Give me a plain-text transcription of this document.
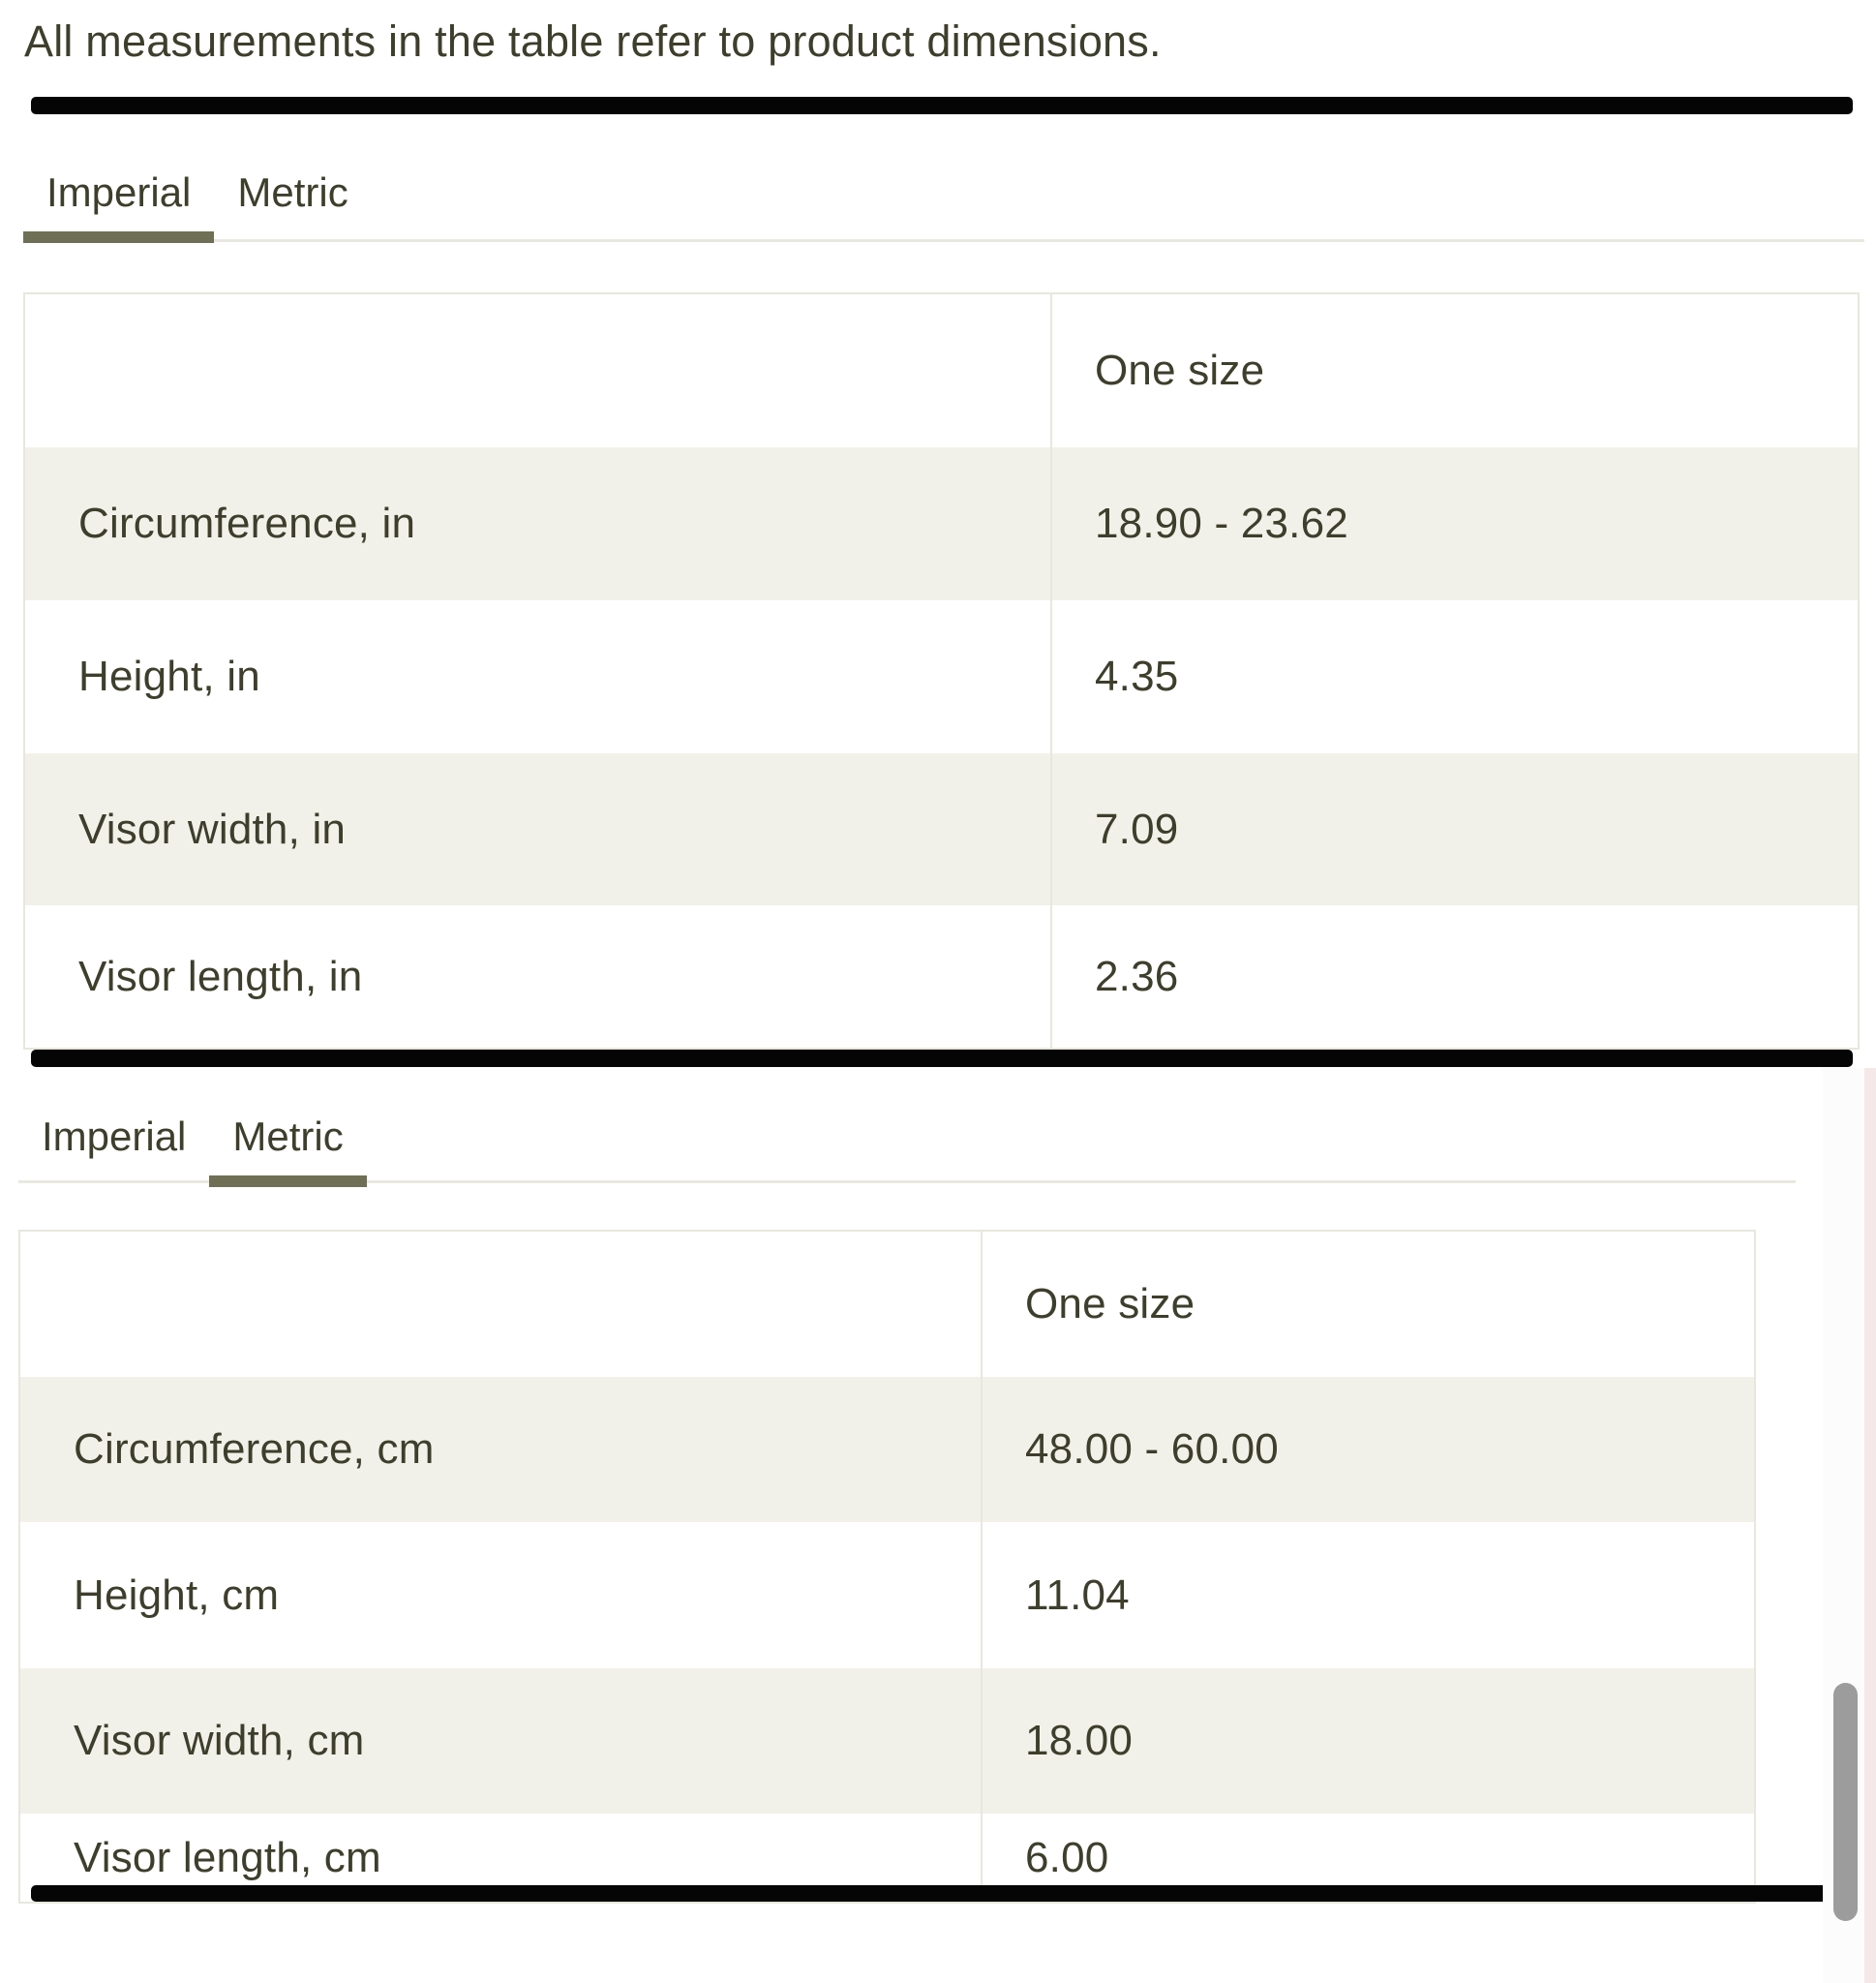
All measurements in the table refer to product dimensions.
Imperial	Metric
One size
Circumference, in	18.90 - 23.62
Height, in	4.35
Visor width, in	7.09
Visor length, in	2.36
Imperial	Metric
One size
Circumference, cm	48.00 - 60.00
Height, cm	11.04
Visor width, cm	18.00
Visor length, cm	6.00
